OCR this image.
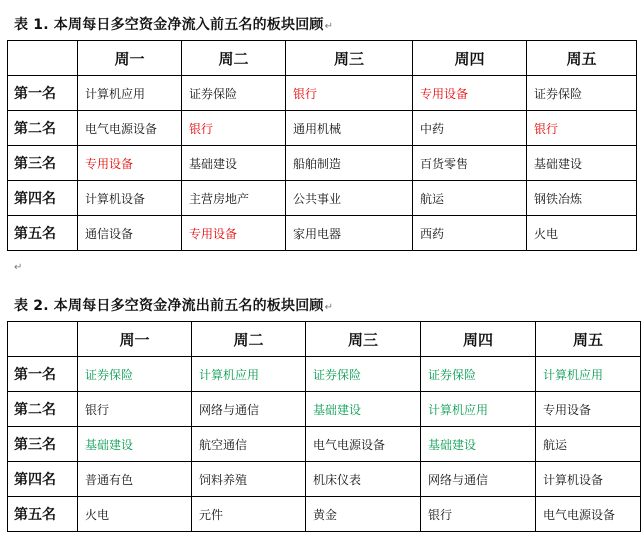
表 1. 本周每日多空资金净流入前五名的板块回顾↵
	周一	周二	周三	周四	周五
第一名	计算机应用	证券保险	银行	专用设备	证券保险
第二名	电气电源设备	银行	通用机械	中药	银行
第三名	专用设备	基础建设	船舶制造	百货零售	基础建设
第四名	计算机设备	主营房地产	公共事业	航运	钢铁冶炼
第五名	通信设备	专用设备	家用电器	西药	火电
↵
表 2. 本周每日多空资金净流出前五名的板块回顾↵
	周一	周二	周三	周四	周五
第一名	证券保险	计算机应用	证券保险	证券保险	计算机应用
第二名	银行	网络与通信	基础建设	计算机应用	专用设备
第三名	基础建设	航空通信	电气电源设备	基础建设	航运
第四名	普通有色	饲料养殖	机床仪表	网络与通信	计算机设备
第五名	火电	元件	黄金	银行	电气电源设备
